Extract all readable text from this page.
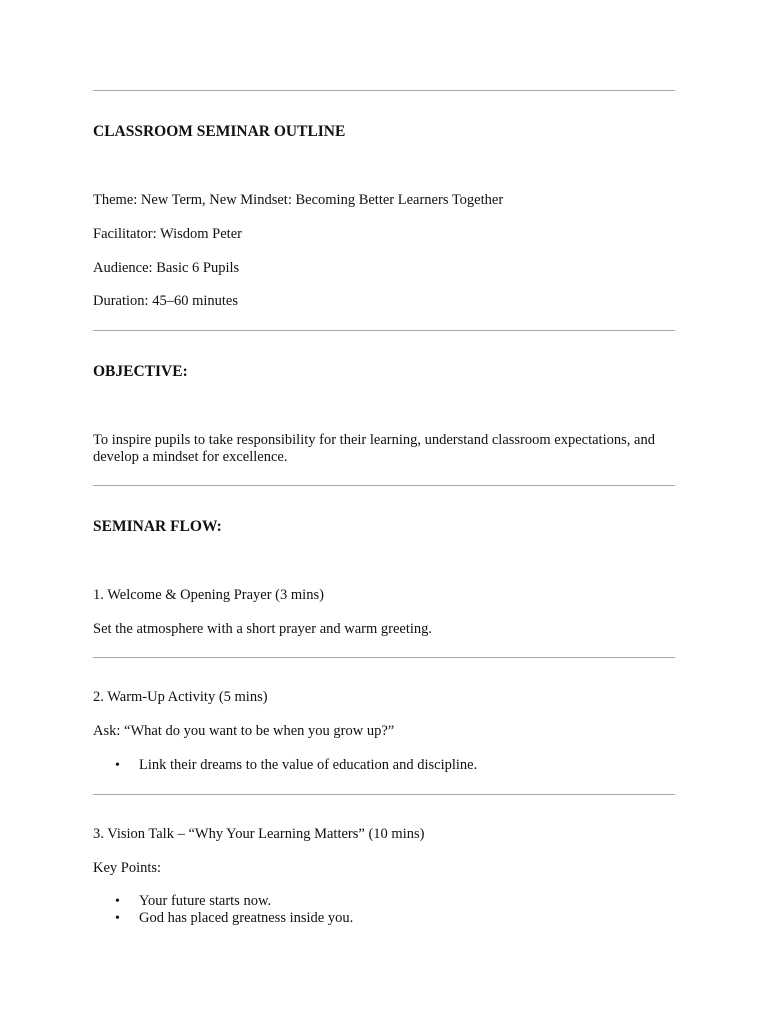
CLASSROOM SEMINAR OUTLINE
Theme: New Term, New Mindset: Becoming Better Learners Together
Facilitator: Wisdom Peter
Audience: Basic 6 Pupils
Duration: 45–60 minutes
OBJECTIVE:
To inspire pupils to take responsibility for their learning, understand classroom expectations, and develop a mindset for excellence.
SEMINAR FLOW:
1. Welcome & Opening Prayer (3 mins)
Set the atmosphere with a short prayer and warm greeting.
2. Warm-Up Activity (5 mins)
Ask: “What do you want to be when you grow up?”
• Link their dreams to the value of education and discipline.
3. Vision Talk – “Why Your Learning Matters” (10 mins)
Key Points:
• Your future starts now.
• God has placed greatness inside you.
